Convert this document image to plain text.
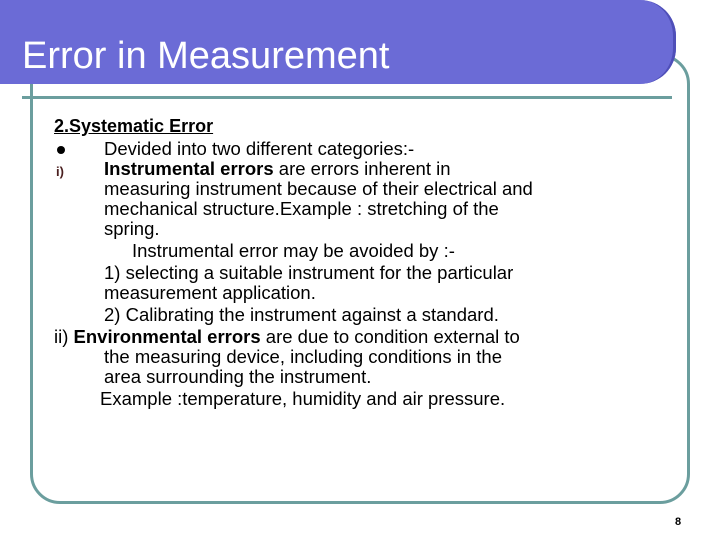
Error in Measurement
2.Systematic Error
Devided into two different categories:-
i) Instrumental errors are errors inherent in
measuring instrument because of their electrical and
mechanical structure.Example : stretching of the
spring.
Instrumental error may be avoided by :-
1) selecting a suitable instrument for the particular
measurement application.
2) Calibrating the instrument against a standard.
ii) Environmental errors are due to condition external to
the measuring device, including conditions in the
area surrounding the instrument.
Example :temperature, humidity and air pressure.
8
